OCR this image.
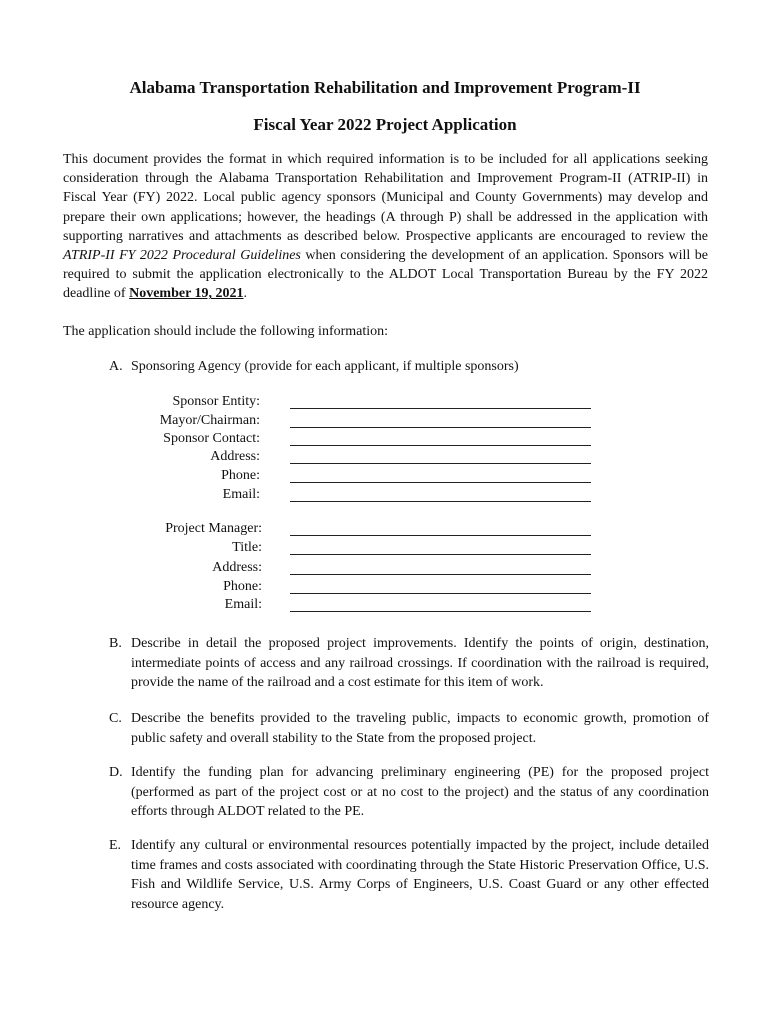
Alabama Transportation Rehabilitation and Improvement Program-II
Fiscal Year 2022 Project Application
This document provides the format in which required information is to be included for all applications seeking consideration through the Alabama Transportation Rehabilitation and Improvement Program-II (ATRIP-II) in Fiscal Year (FY) 2022. Local public agency sponsors (Municipal and County Governments) may develop and prepare their own applications; however, the headings (A through P) shall be addressed in the application with supporting narratives and attachments as described below. Prospective applicants are encouraged to review the ATRIP-II FY 2022 Procedural Guidelines when considering the development of an application. Sponsors will be required to submit the application electronically to the ALDOT Local Transportation Bureau by the FY 2022 deadline of November 19, 2021.
The application should include the following information:
A. Sponsoring Agency (provide for each applicant, if multiple sponsors)
Sponsor Entity:
Mayor/Chairman:
Sponsor Contact:
Address:
Phone:
Email:
Project Manager:
Title:
Address:
Phone:
Email:
B. Describe in detail the proposed project improvements. Identify the points of origin, destination, intermediate points of access and any railroad crossings. If coordination with the railroad is required, provide the name of the railroad and a cost estimate for this item of work.
C. Describe the benefits provided to the traveling public, impacts to economic growth, promotion of public safety and overall stability to the State from the proposed project.
D. Identify the funding plan for advancing preliminary engineering (PE) for the proposed project (performed as part of the project cost or at no cost to the project) and the status of any coordination efforts through ALDOT related to the PE.
E. Identify any cultural or environmental resources potentially impacted by the project, include detailed time frames and costs associated with coordinating through the State Historic Preservation Office, U.S. Fish and Wildlife Service, U.S. Army Corps of Engineers, U.S. Coast Guard or any other effected resource agency.
